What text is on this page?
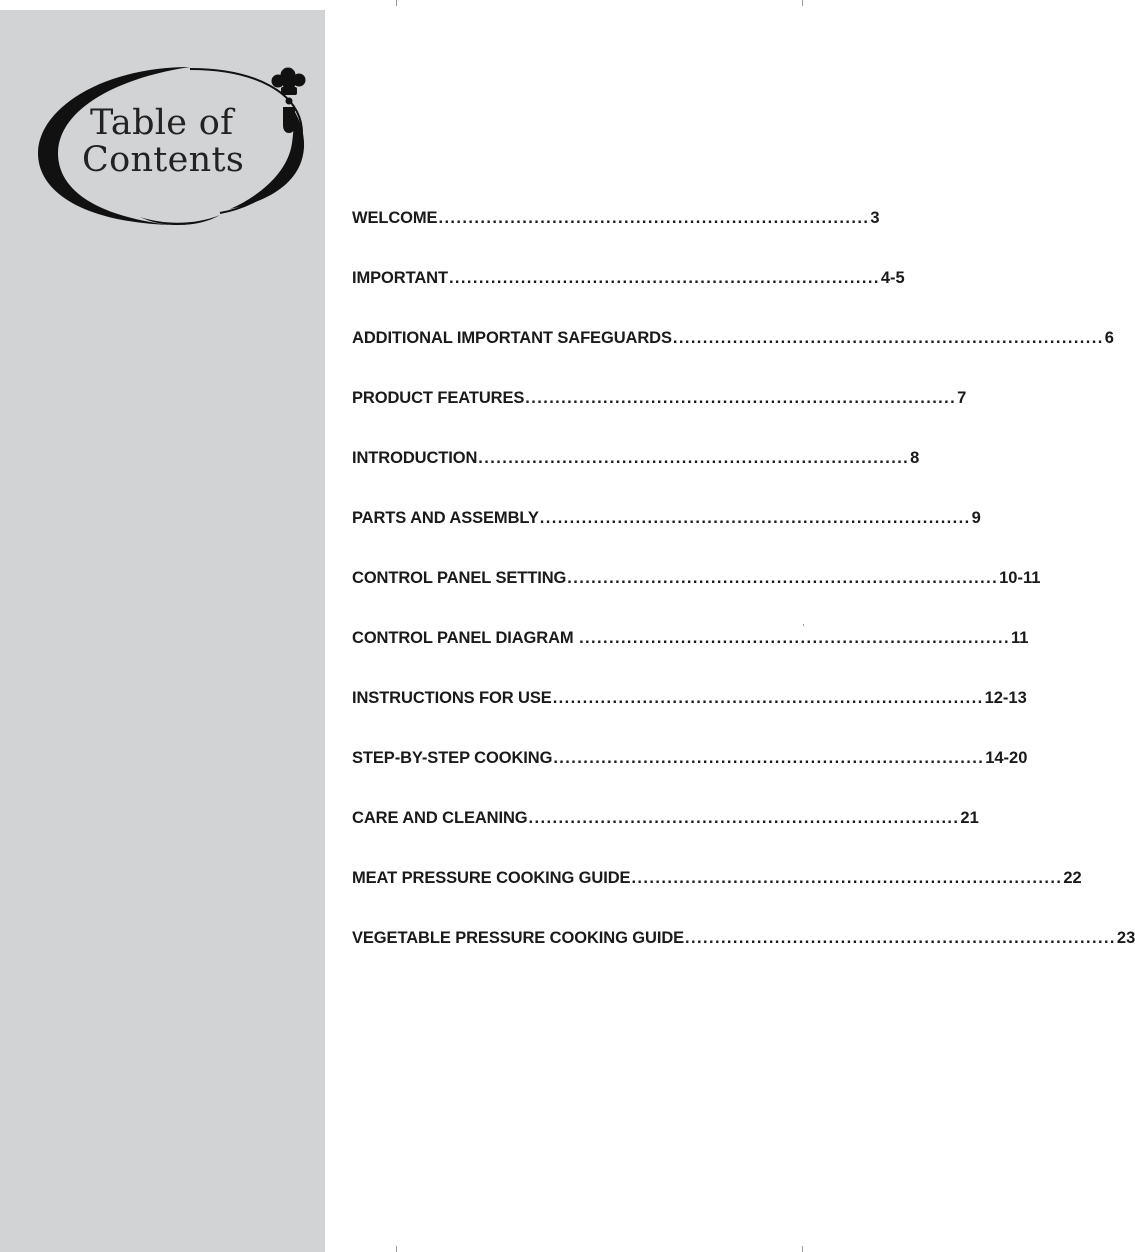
Table of
Contents
WELCOME ........................................................................ 3
IMPORTANT ........................................................................ 4-5
ADDITIONAL IMPORTANT SAFEGUARDS ........................................................................ 6
PRODUCT FEATURES ........................................................................ 7
INTRODUCTION ........................................................................ 8
PARTS AND ASSEMBLY ........................................................................ 9
CONTROL PANEL SETTING ........................................................................ 10-11
CONTROL PANEL DIAGRAM ........................................................................ 11
INSTRUCTIONS FOR USE ........................................................................ 12-13
STEP-BY-STEP COOKING ........................................................................ 14-20
CARE AND CLEANING ........................................................................ 21
MEAT PRESSURE COOKING GUIDE ........................................................................ 22
VEGETABLE PRESSURE COOKING GUIDE ........................................................................ 23
